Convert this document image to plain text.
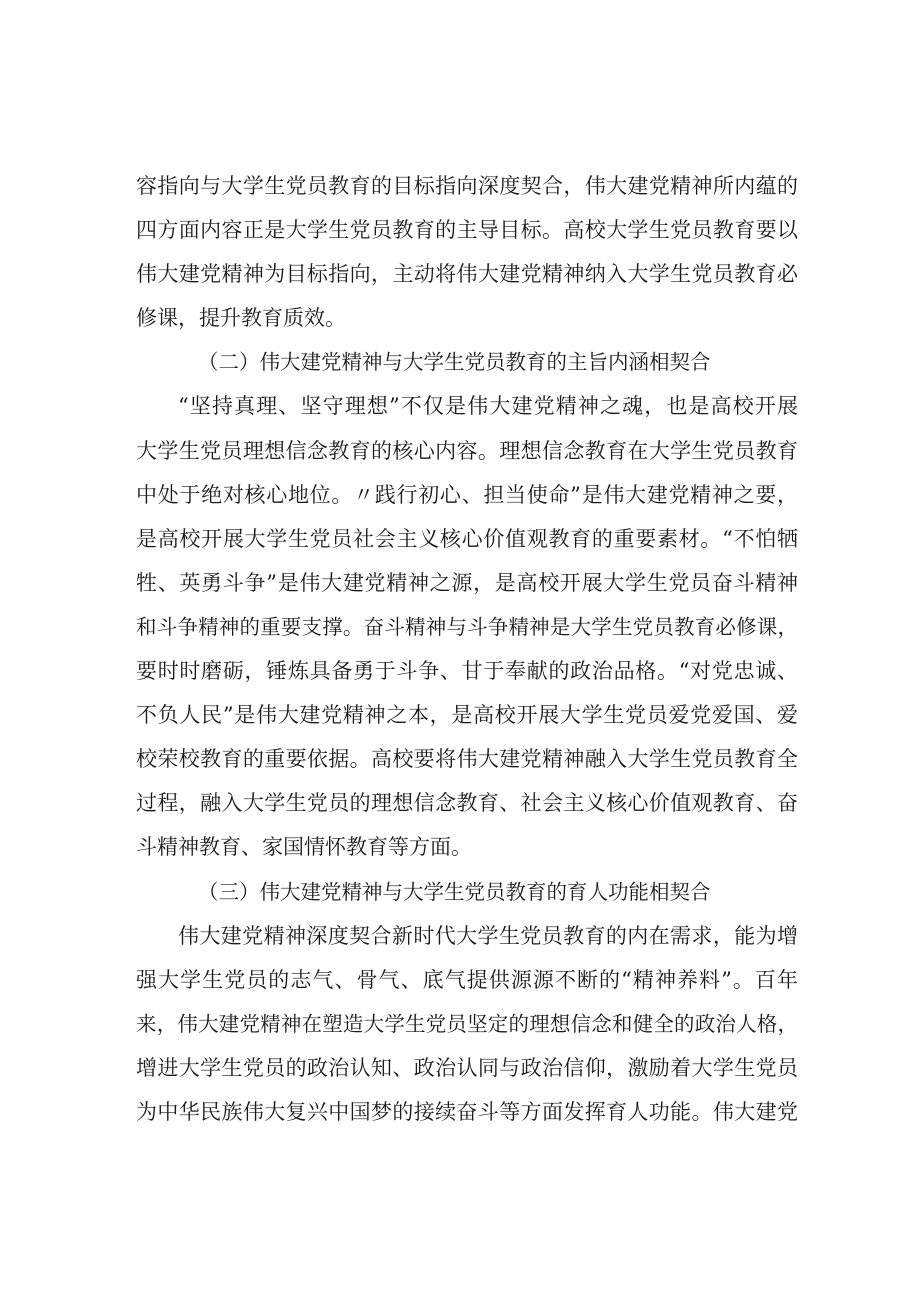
容指向与大学生党员教育的目标指向深度契合，伟大建党精神所内蕴的
四方面内容正是大学生党员教育的主导目标。高校大学生党员教育要以
伟大建党精神为目标指向，主动将伟大建党精神纳入大学生党员教育必
修课，提升教育质效。
（二）伟大建党精神与大学生党员教育的主旨内涵相契合
“坚持真理、坚守理想”不仅是伟大建党精神之魂，也是高校开展
大学生党员理想信念教育的核心内容。理想信念教育在大学生党员教育
中处于绝对核心地位。〃践行初心、担当使命”是伟大建党精神之要，
是高校开展大学生党员社会主义核心价值观教育的重要素材。“不怕牺
牲、英勇斗争”是伟大建党精神之源，是高校开展大学生党员奋斗精神
和斗争精神的重要支撑。奋斗精神与斗争精神是大学生党员教育必修课，
要时时磨砺，锤炼具备勇于斗争、甘于奉献的政治品格。“对党忠诚、
不负人民”是伟大建党精神之本，是高校开展大学生党员爱党爱国、爱
校荣校教育的重要依据。高校要将伟大建党精神融入大学生党员教育全
过程，融入大学生党员的理想信念教育、社会主义核心价值观教育、奋
斗精神教育、家国情怀教育等方面。
（三）伟大建党精神与大学生党员教育的育人功能相契合
伟大建党精神深度契合新时代大学生党员教育的内在需求，能为增
强大学生党员的志气、骨气、底气提供源源不断的“精神养料”。百年
来，伟大建党精神在塑造大学生党员坚定的理想信念和健全的政治人格，
增进大学生党员的政治认知、政治认同与政治信仰，激励着大学生党员
为中华民族伟大复兴中国梦的接续奋斗等方面发挥育人功能。伟大建党
